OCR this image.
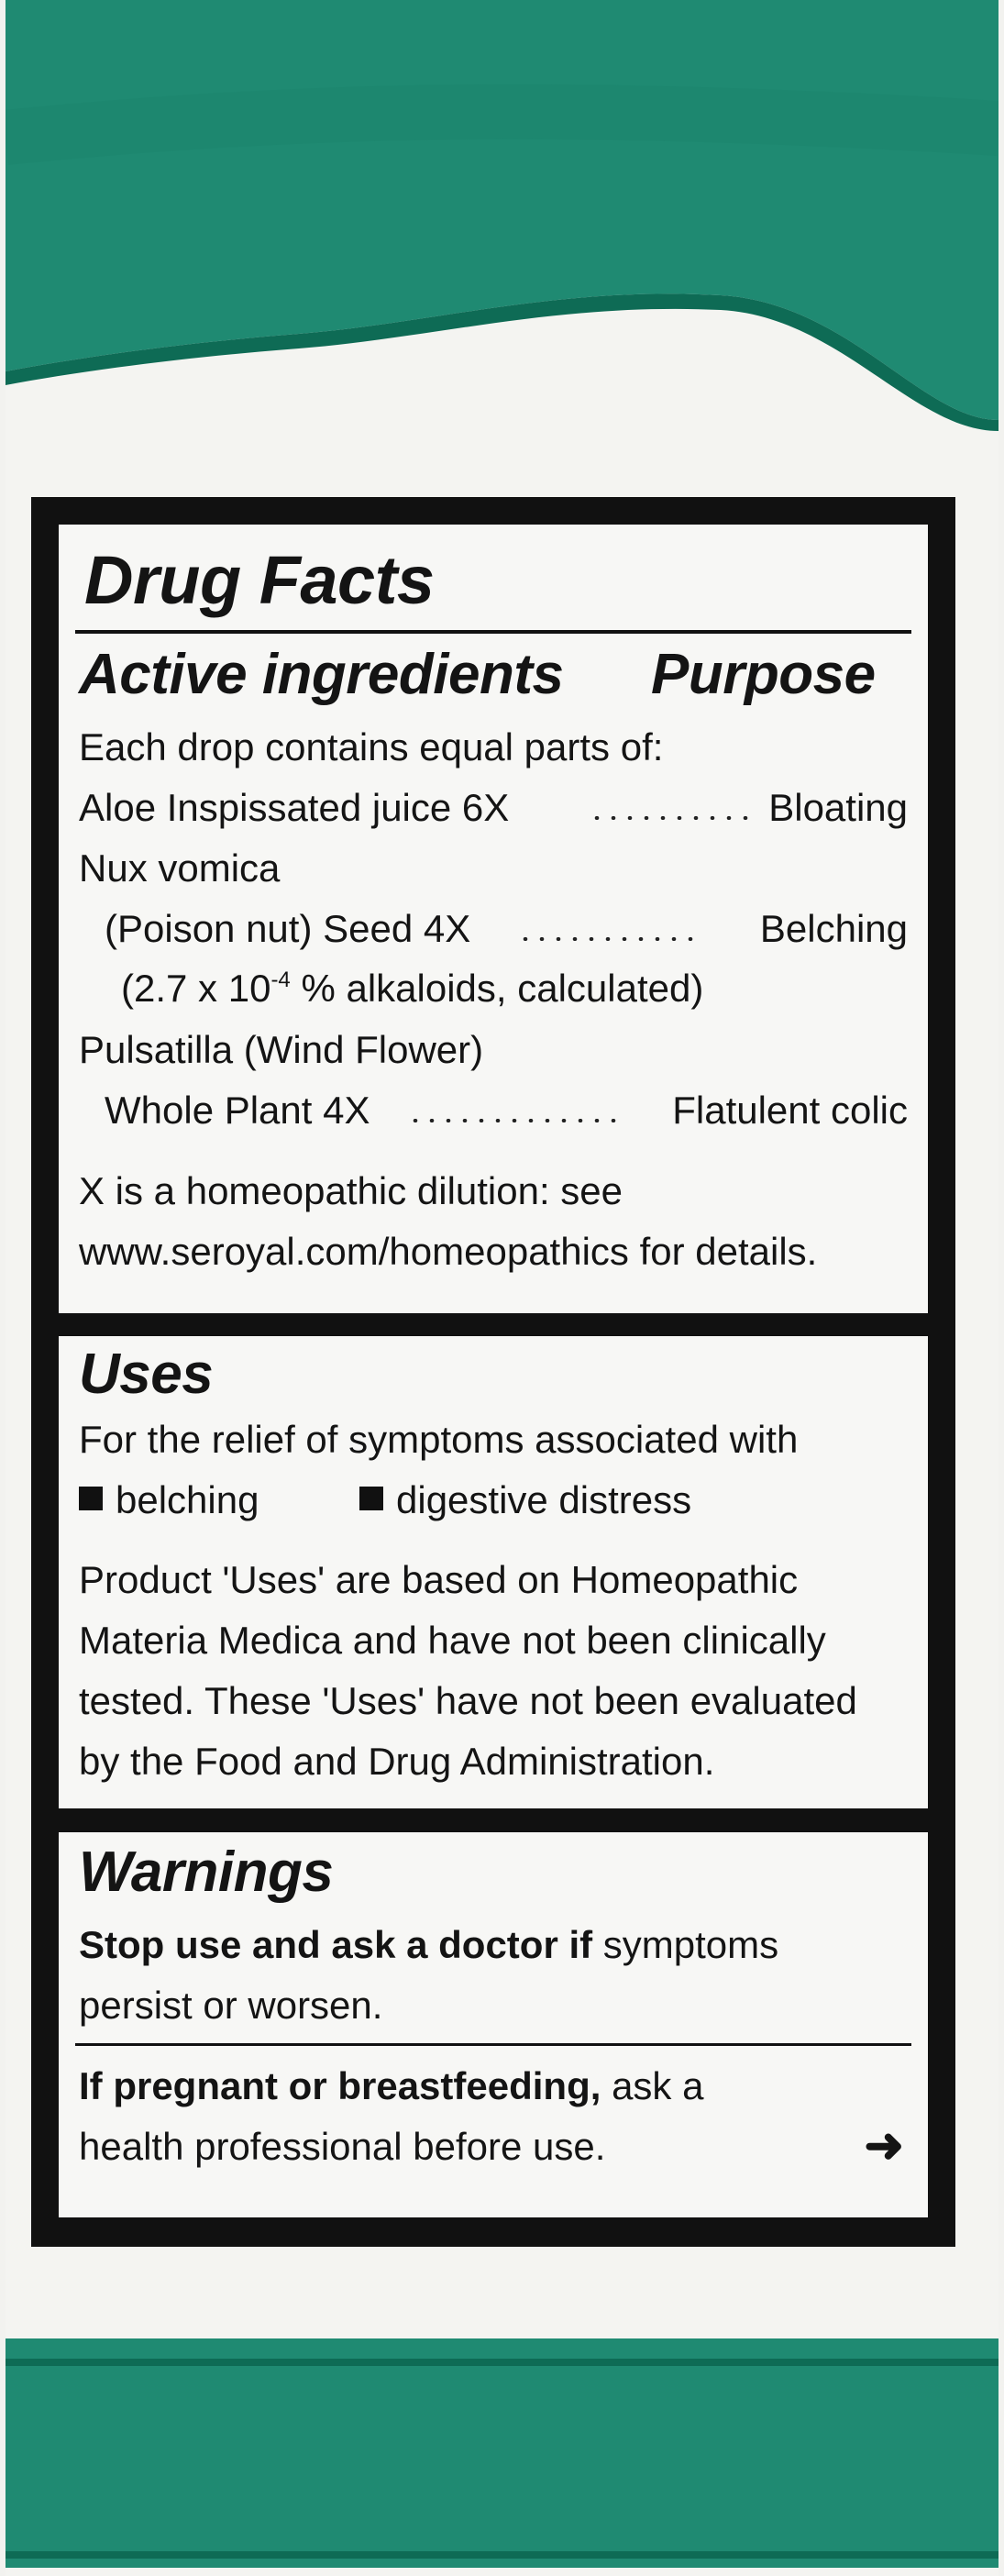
Drug Facts
Active ingredients Purpose
Each drop contains equal parts of:
Aloe Inspissated juice 6X	Bloating
Nux vomica
(Poison nut) Seed 4X	Belching
(2.7 x $10^{-4}$ % alkaloids, calculated)
Pulsatilla (Wind Flower)
Whole Plant 4X	Flatulent colic
X is a homeopathic dilution: see
www.seroyal.com/homeopathics for details.
Uses
For the relief of symptoms associated with
belching	digestive distress
Product 'Uses' are based on Homeopathic
Materia Medica and have not been clinically
tested. These 'Uses' have not been evaluated
by the Food and Drug Administration.
Warnings
Stop use and ask a doctor if symptoms
persist or worsen.
If pregnant or breastfeeding, ask a
health professional before use.	➜
